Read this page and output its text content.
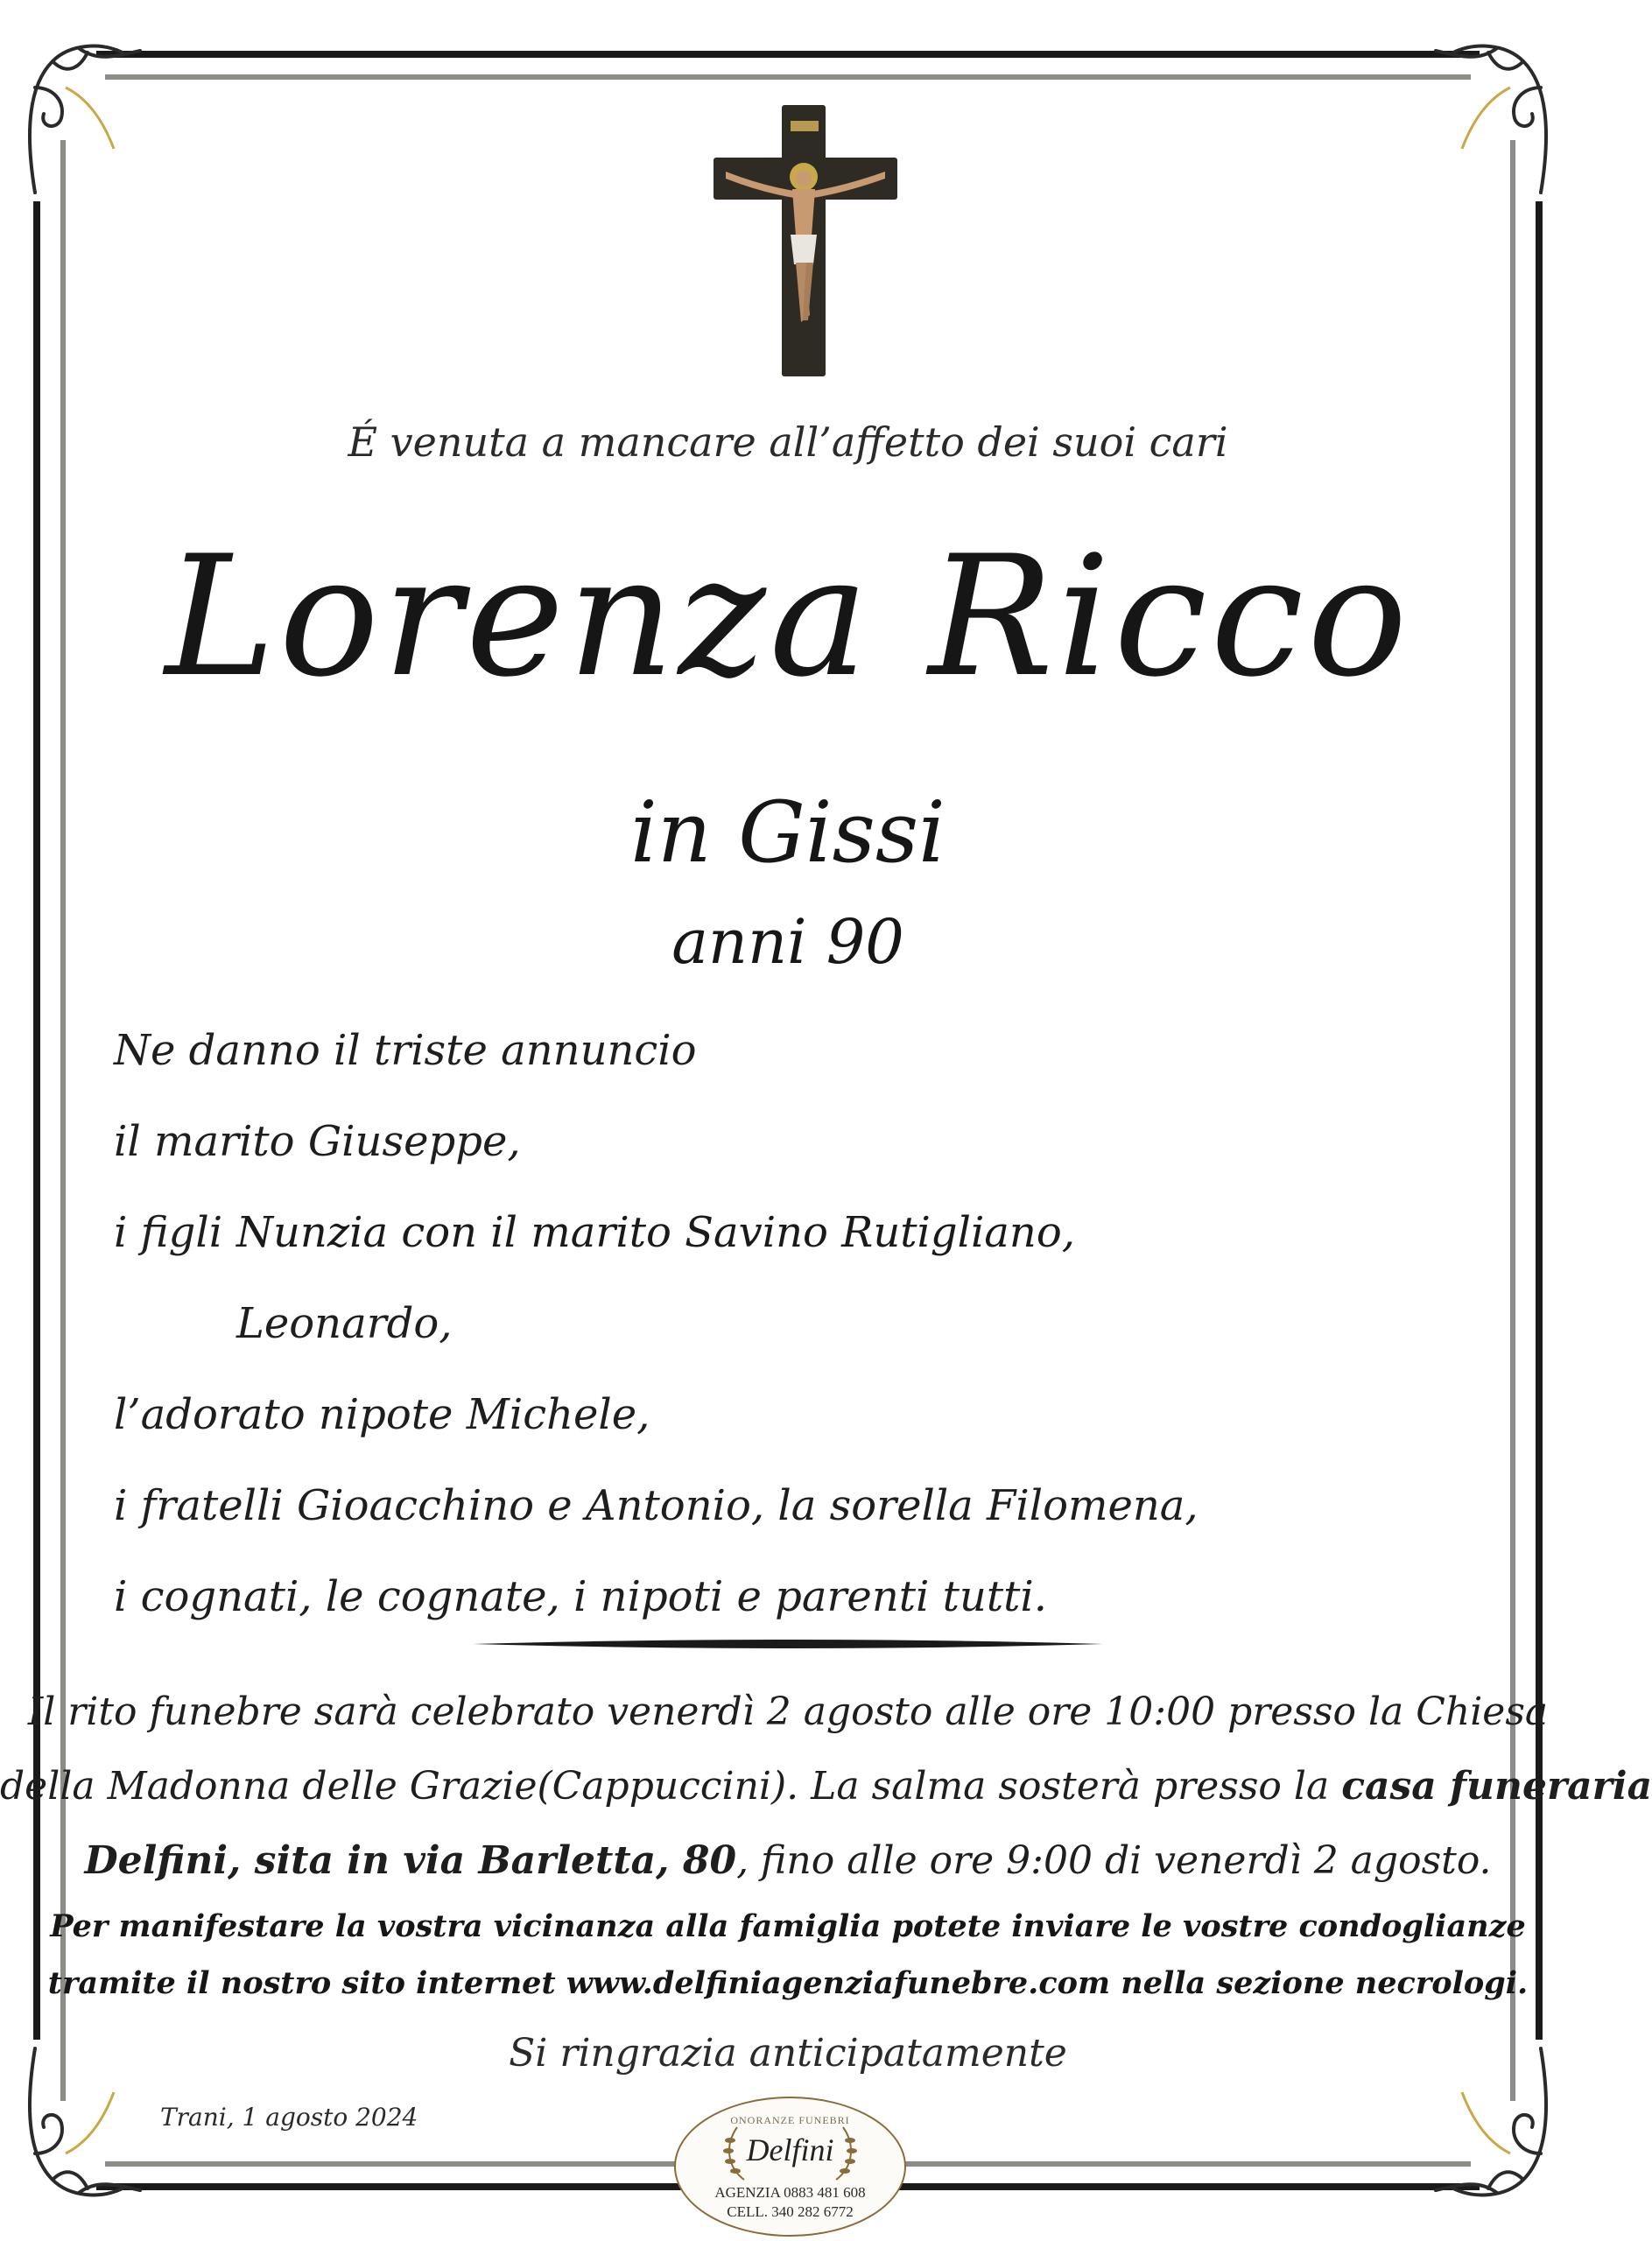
É venuta a mancare all’affetto dei suoi cari
Lorenza Ricco
in Gissi
anni 90
Ne danno il triste annuncio
il marito Giuseppe,
i figli Nunzia con il marito Savino Rutigliano,
Leonardo,
l’adorato nipote Michele,
i fratelli Gioacchino e Antonio, la sorella Filomena,
i cognati, le cognate, i nipoti e parenti tutti.
Il rito funebre sarà celebrato venerdì 2 agosto alle ore 10:00 presso la Chiesa
della Madonna delle Grazie(Cappuccini). La salma sosterà presso la casa funeraria
Delfini, sita in via Barletta, 80, fino alle ore 9:00 di venerdì 2 agosto.
Per manifestare la vostra vicinanza alla famiglia potete inviare le vostre condoglianze
tramite il nostro sito internet www.delfiniagenziafunebre.com nella sezione necrologi.
Si ringrazia anticipatamente
Trani, 1 agosto 2024	ONORANZE FUNEBRI
Delfini
AGENZIA 0883 481 608
CELL. 340 282 6772
